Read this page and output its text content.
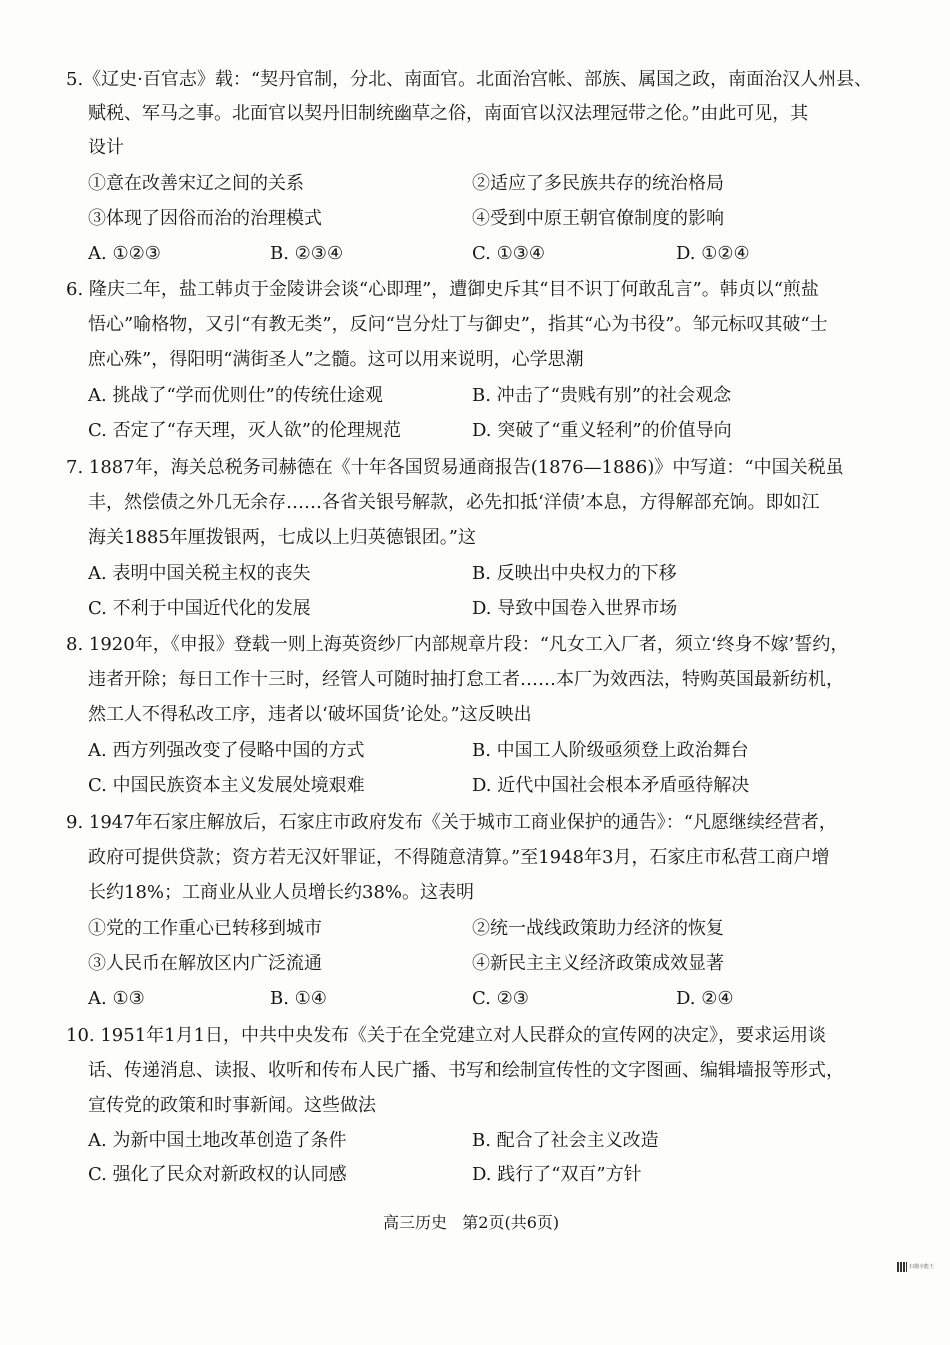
5.《辽史·百官志》载：“契丹官制，分北、南面官。北面治宫帐、部族、属国之政，南面治汉人州县、
赋税、军马之事。北面官以契丹旧制统幽草之俗，南面官以汉法理冠带之伦。”由此可见，其
设计
①意在改善宋辽之间的关系	②适应了多民族共存的统治格局
③体现了因俗而治的治理模式	④受到中原王朝官僚制度的影响
A. ①②③	B. ②③④	C. ①③④	D. ①②④
6. 隆庆二年，盐工韩贞于金陵讲会谈“心即理”，遭御史斥其“目不识丁何敢乱言”。韩贞以“煎盐
悟心”喻格物，又引“有教无类”，反问“岂分灶丁与御史”，指其“心为书役”。邹元标叹其破“士
庶心殊”，得阳明“满街圣人”之髓。这可以用来说明，心学思潮
A. 挑战了“学而优则仕”的传统仕途观	B. 冲击了“贵贱有别”的社会观念
C. 否定了“存天理，灭人欲”的伦理规范	D. 突破了“重义轻利”的价值导向
7. 1887年，海关总税务司赫德在《十年各国贸易通商报告(1876—1886)》中写道：“中国关税虽
丰，然偿债之外几无余存……各省关银号解款，必先扣抵‘洋债’本息，方得解部充饷。即如江
海关1885年厘拨银两，七成以上归英德银团。”这
A. 表明中国关税主权的丧失	B. 反映出中央权力的下移
C. 不利于中国近代化的发展	D. 导致中国卷入世界市场
8. 1920年，《申报》登载一则上海英资纱厂内部规章片段：“凡女工入厂者，须立‘终身不嫁’誓约，
违者开除；每日工作十三时，经管人可随时抽打怠工者……本厂为效西法，特购英国最新纺机，
然工人不得私改工序，违者以‘破坏国货’论处。”这反映出
A. 西方列强改变了侵略中国的方式	B. 中国工人阶级亟须登上政治舞台
C. 中国民族资本主义发展处境艰难	D. 近代中国社会根本矛盾亟待解决
9. 1947年石家庄解放后，石家庄市政府发布《关于城市工商业保护的通告》：“凡愿继续经营者，
政府可提供贷款；资方若无汉奸罪证，不得随意清算。”至1948年3月，石家庄市私营工商户增
长约18%；工商业从业人员增长约38%。这表明
①党的工作重心已转移到城市	②统一战线政策助力经济的恢复
③人民币在解放区内广泛流通	④新民主主义经济政策成效显著
A. ①③	B. ①④	C. ②③	D. ②④
10. 1951年1月1日，中共中央发布《关于在全党建立对人民群众的宣传网的决定》，要求运用谈
话、传递消息、读报、收听和传布人民广播、书写和绘制宣传性的文字图画、编辑墙报等形式，
宣传党的政策和时事新闻。这些做法
A. 为新中国土地改革创造了条件	B. 配合了社会主义改造
C. 强化了民众对新政权的认同感	D. 践行了“双百”方针
高三历史 第2页(共6页)
扫描全能王
